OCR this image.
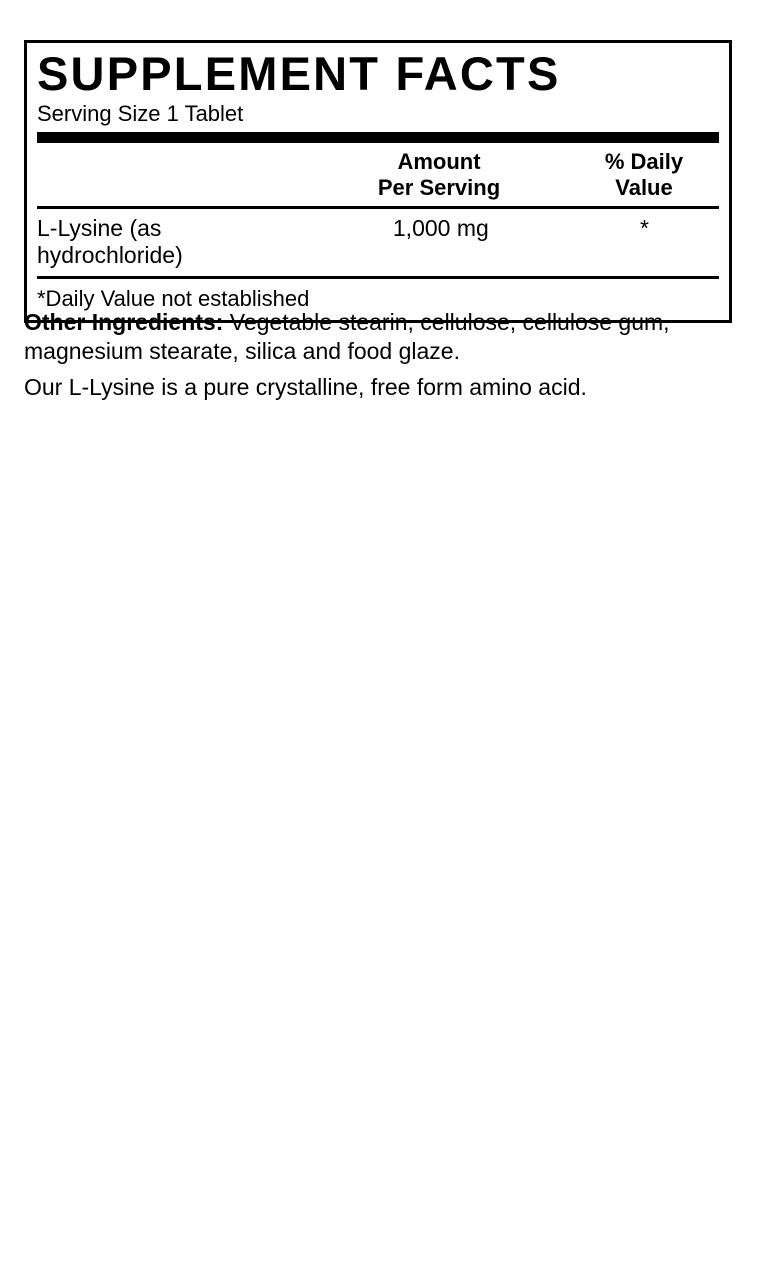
SUPPLEMENT FACTS
Serving Size 1 Tablet
Amount
Per Serving
% Daily
Value
L-Lysine (as hydrochloride)
1,000 mg	*
*Daily Value not established

Other Ingredients: Vegetable stearin, cellulose, cellulose gum, magnesium stearate, silica and food glaze.

Our L-Lysine is a pure crystalline, free form amino acid.
